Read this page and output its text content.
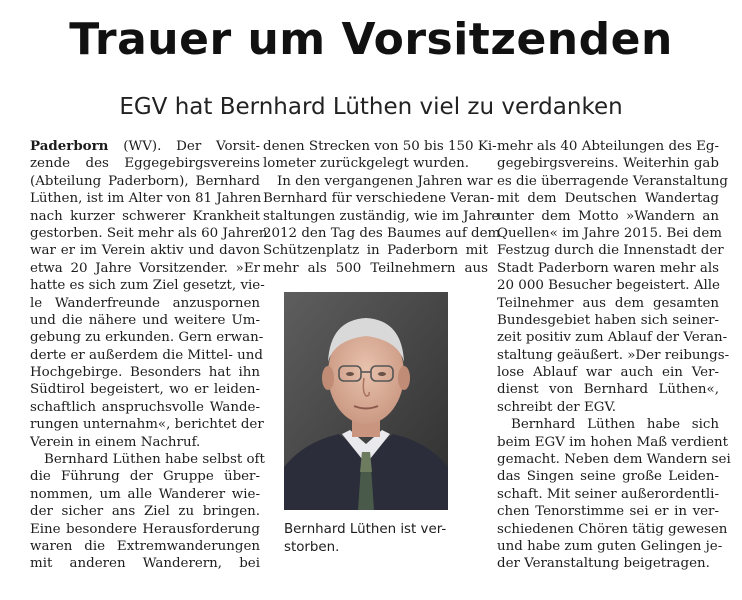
Trauer um Vorsitzenden
EGV hat Bernhard Lüthen viel zu verdanken
Paderborn (WV). Der Vorsit-
zende des Eggegebirgsvereins
(Abteilung Paderborn), Bernhard
Lüthen, ist im Alter von 81 Jahren
nach kurzer schwerer Krankheit
gestorben. Seit mehr als 60 Jahren
war er im Verein aktiv und davon
etwa 20 Jahre Vorsitzender. »Er
hatte es sich zum Ziel gesetzt, vie-
le Wanderfreunde anzuspornen
und die nähere und weitere Um-
gebung zu erkunden. Gern erwan-
derte er außerdem die Mittel- und
Hochgebirge. Besonders hat ihn
Südtirol begeistert, wo er leiden-
schaftlich anspruchsvolle Wande-
rungen unternahm«, berichtet der
Verein in einem Nachruf.
Bernhard Lüthen habe selbst oft
die Führung der Gruppe über-
nommen, um alle Wanderer wie-
der sicher ans Ziel zu bringen.
Eine besondere Herausforderung
waren die Extremwanderungen
mit anderen Wanderern, bei
denen Strecken von 50 bis 150 Ki-
lometer zurückgelegt wurden.
In den vergangenen Jahren war
Bernhard für verschiedene Veran-
staltungen zuständig, wie im Jahre
2012 den Tag des Baumes auf dem
Schützenplatz in Paderborn mit
mehr als 500 Teilnehmern aus
Bernhard Lüthen ist ver-
storben.
mehr als 40 Abteilungen des Eg-
gegebirgsvereins. Weiterhin gab
es die überragende Veranstaltung
mit dem Deutschen Wandertag
unter dem Motto »Wandern an
Quellen« im Jahre 2015. Bei dem
Festzug durch die Innenstadt der
Stadt Paderborn waren mehr als
20 000 Besucher begeistert. Alle
Teilnehmer aus dem gesamten
Bundesgebiet haben sich seiner-
zeit positiv zum Ablauf der Veran-
staltung geäußert. »Der reibungs-
lose Ablauf war auch ein Ver-
dienst von Bernhard Lüthen«,
schreibt der EGV.
Bernhard Lüthen habe sich
beim EGV im hohen Maß verdient
gemacht. Neben dem Wandern sei
das Singen seine große Leiden-
schaft. Mit seiner außerordentli-
chen Tenorstimme sei er in ver-
schiedenen Chören tätig gewesen
und habe zum guten Gelingen je-
der Veranstaltung beigetragen.
